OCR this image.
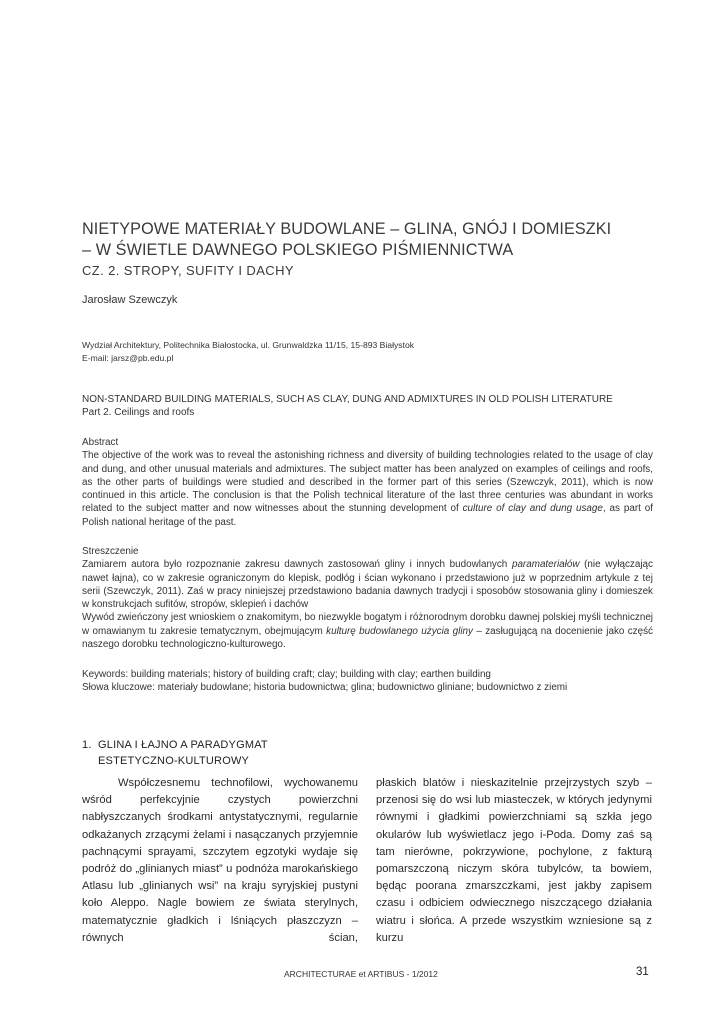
NIETYPOWE MATERIAŁY BUDOWLANE – GLINA, GNÓJ I DOMIESZKI
– W ŚWIETLE DAWNEGO POLSKIEGO PIŚMIENNICTWA
CZ. 2. STROPY, SUFITY I DACHY
Jarosław Szewczyk
Wydział Architektury, Politechnika Białostocka, ul. Grunwaldzka 11/15, 15-893 Białystok
E-mail: jarsz@pb.edu.pl
NON-STANDARD BUILDING MATERIALS, SUCH AS CLAY, DUNG AND ADMIXTURES IN OLD POLISH LITERATURE
Part 2. Ceilings and roofs
Abstract

The objective of the work was to reveal the astonishing richness and diversity of building technologies related to the usage of clay and dung, and other unusual materials and admixtures. The subject matter has been analyzed on examples of ceilings and roofs, as the other parts of buildings were studied and described in the former part of this series (Szewczyk, 2011), which is now continued in this article. The conclusion is that the Polish technical literature of the last three centuries was abundant in works related to the subject matter and now witnesses about the stunning development of culture of clay and dung usage, as part of Polish national heritage of the past.

Streszczenie

Zamiarem autora było rozpoznanie zakresu dawnych zastosowań gliny i innych budowlanych paramateriałów (nie wyłączając nawet łajna), co w zakresie ograniczonym do klepisk, podłóg i ścian wykonano i przedstawiono już w poprzednim artykule z tej serii (Szewczyk, 2011). Zaś w pracy niniejszej przedstawiono badania dawnych tradycji i sposobów stosowania gliny i domieszek w konstrukcjach sufitów, stropów, sklepień i dachów

Wywód zwieńczony jest wnioskiem o znakomitym, bo niezwykle bogatym i różnorodnym dorobku dawnej polskiej myśli technicznej w omawianym tu zakresie tematycznym, obejmującym kulturę budowlanego użycia gliny – zasługującą na docenienie jako część naszego dorobku technologiczno-kulturowego.

Keywords: building materials; history of building craft; clay; building with clay; earthen building
Słowa kluczowe: materiały budowlane; historia budownictwa; glina; budownictwo gliniane; budownictwo z ziemi
1. GLINA I ŁAJNO A PARADYGMAT
ESTETYCZNO-KULTUROWY

Współczesnemu technofilowi, wychowanemu wśród perfekcyjnie czystych powierzchni nabłyszczanych środkami antystatycznymi, regularnie odkażanych zrzącymi żelami i nasączanych przyjemnie pachnącymi sprayami, szczytem egzotyki wydaje się podróż do „glinianych miast” u podnóża marokańskiego Atlasu lub „glinianych wsi” na kraju syryjskiej pustyni koło Aleppo. Nagle bowiem ze świata sterylnych, matematycznie gładkich i lśniących płaszczyzn – równych ścian,

płaskich blatów i nieskazitelnie przejrzystych szyb – przenosi się do wsi lub miasteczek, w których jedynymi równymi i gładkimi powierzchniami są szkła jego okularów lub wyświetlacz jego i-Poda. Domy zaś są tam nierówne, pokrzywione, pochylone, z fakturą pomarszczoną niczym skóra tubylców, ta bowiem, będąc poorana zmarszczkami, jest jakby zapisem czasu i odbiciem odwiecznego niszczącego działania wiatru i słońca. A przede wszystkim wzniesione są z kurzu

ARCHITECTURAE et ARTIBUS - 1/2012	31
